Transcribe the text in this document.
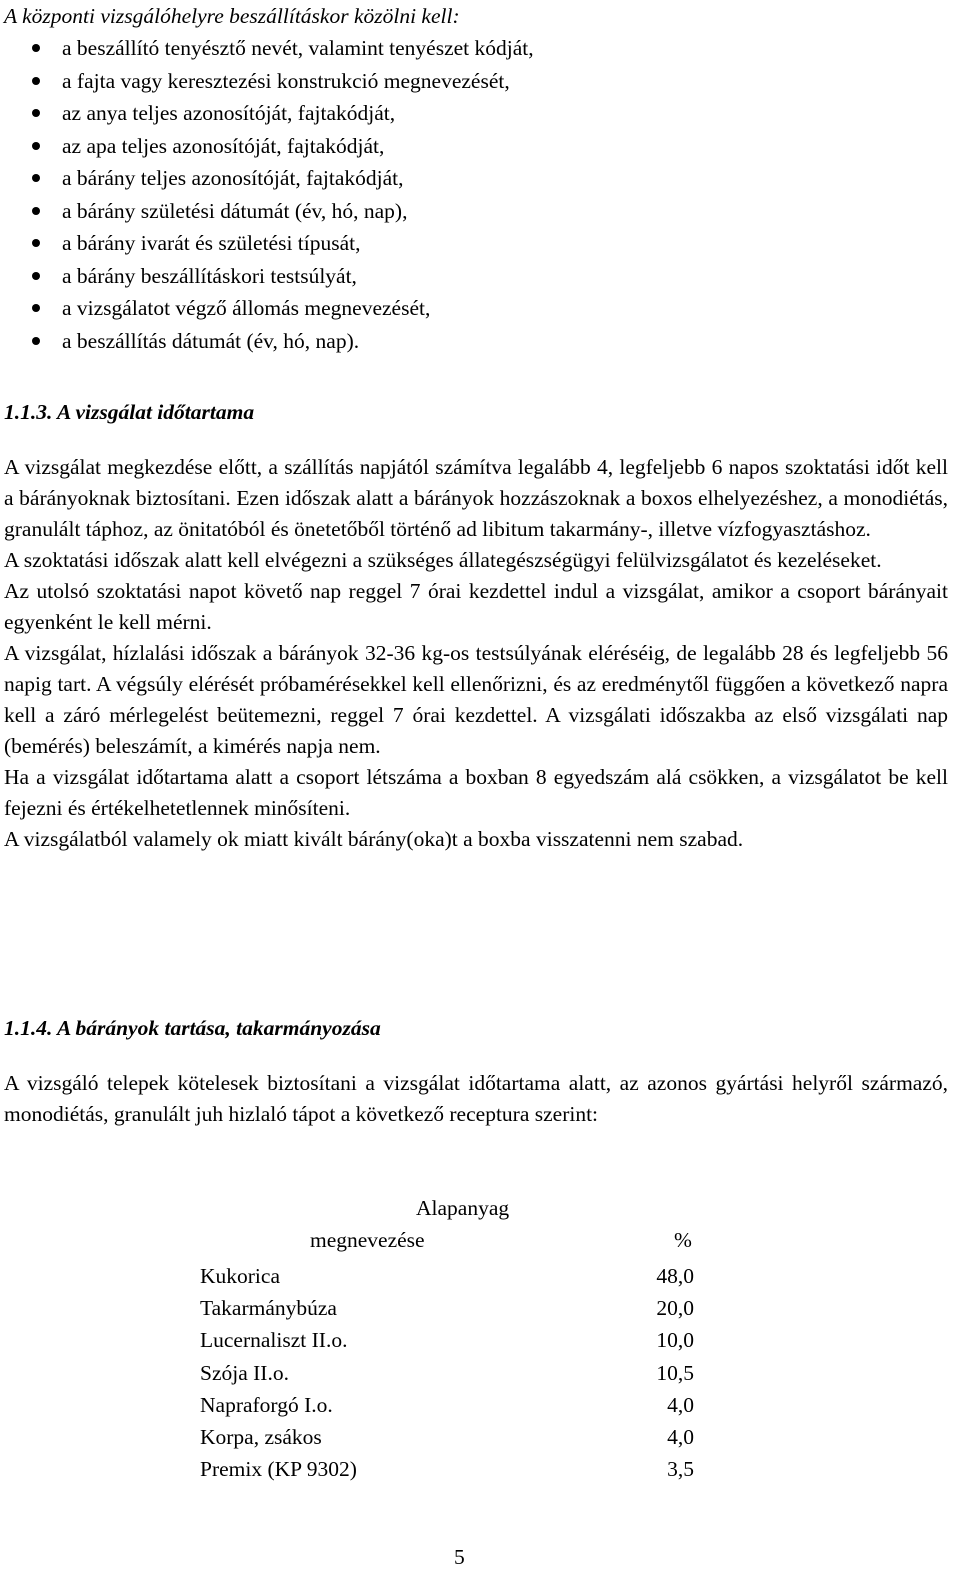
A központi vizsgálóhelyre beszállításkor közölni kell:
a beszállító tenyésztő nevét, valamint tenyészet kódját,
a fajta vagy keresztezési konstrukció megnevezését,
az anya teljes azonosítóját, fajtakódját,
az apa teljes azonosítóját, fajtakódját,
a bárány teljes azonosítóját, fajtakódját,
a bárány születési dátumát (év, hó, nap),
a bárány ivarát és születési típusát,
a bárány beszállításkori testsúlyát,
a vizsgálatot végző állomás megnevezését,
a beszállítás dátumát (év, hó, nap).
1.1.3. A vizsgálat időtartama

A vizsgálat megkezdése előtt, a szállítás napjától számítva legalább 4, legfeljebb 6 napos szoktatási időt kell a bárányoknak biztosítani. Ezen időszak alatt a bárányok hozzászoknak a boxos elhelyezéshez, a monodiétás, granulált táphoz, az önitatóból és önetetőből történő ad libitum takarmány-, illetve vízfogyasztáshoz.

A szoktatási időszak alatt kell elvégezni a szükséges állategészségügyi felülvizsgálatot és kezeléseket.

Az utolsó szoktatási napot követő nap reggel 7 órai kezdettel indul a vizsgálat, amikor a csoport bárányait egyenként le kell mérni.

A vizsgálat, hízlalási időszak a bárányok 32-36 kg-os testsúlyának eléréséig, de legalább 28 és legfeljebb 56 napig tart. A végsúly elérését próbamérésekkel kell ellenőrizni, és az eredménytől függően a következő napra kell a záró mérlegelést beütemezni, reggel 7 órai kezdettel. A vizsgálati időszakba az első vizsgálati nap (bemérés) beleszámít, a kimérés napja nem.

Ha a vizsgálat időtartama alatt a csoport létszáma a boxban 8 egyedszám alá csökken, a vizsgálatot be kell fejezni és értékelhetetlennek minősíteni.

A vizsgálatból valamely ok miatt kivált bárány(oka)t a boxba visszatenni nem szabad.

1.1.4. A bárányok tartása, takarmányozása

A vizsgáló telepek kötelesek biztosítani a vizsgálat időtartama alatt, az azonos gyártási helyről származó, monodiétás, granulált juh hizlaló tápot a következő receptura szerint:

Alapanyag
megnevezése	%
Kukorica	48,0
Takarmánybúza	20,0
Lucernaliszt II.o.	10,0
Szója II.o.	10,5
Napraforgó I.o.	4,0
Korpa, zsákos	4,0
Premix (KP 9302)	3,5
5
